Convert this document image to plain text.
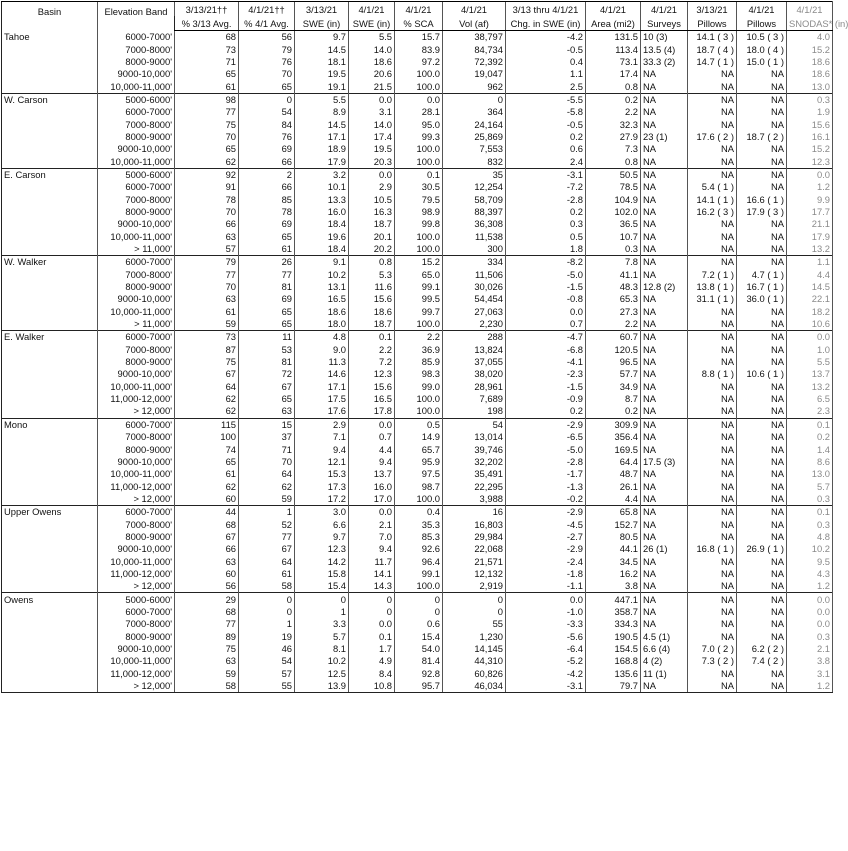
Basin	Elevation Band	3/13/21††	4/1/21††	3/13/21	4/1/21	4/1/21	4/1/21	3/13 thru 4/1/21	4/1/21	4/1/21	3/13/21	4/1/21	4/1/21
		% 3/13 Avg.	% 4/1 Avg.	SWE (in)	SWE (in)	% SCA	Vol (af)	Chg. in SWE (in)	Area (mi2)	Surveys	Pillows	Pillows	SNODAS* (in)
Tahoe	6000-7000'	68	56	9.7	5.5	15.7	38,797	-4.2	131.5	10 (3)	14.1 ( 3 )	10.5 ( 3 )	4.0
	7000-8000'	73	79	14.5	14.0	83.9	84,734	-0.5	113.4	13.5 (4)	18.7 ( 4 )	18.0 ( 4 )	15.2
	8000-9000'	71	76	18.1	18.6	97.2	72,392	0.4	73.1	33.3 (2)	14.7 ( 1 )	15.0 ( 1 )	18.6
	9000-10,000'	65	70	19.5	20.6	100.0	19,047	1.1	17.4	NA	NA	NA	18.6
	10,000-11,000'	61	65	19.1	21.5	100.0	962	2.5	0.8	NA	NA	NA	13.0
W. Carson	5000-6000'	98	0	5.5	0.0	0.0	0	-5.5	0.2	NA	NA	NA	0.3
	6000-7000'	77	54	8.9	3.1	28.1	364	-5.8	2.2	NA	NA	NA	1.9
	7000-8000'	75	84	14.5	14.0	95.0	24,164	-0.5	32.3	NA	NA	NA	15.6
	8000-9000'	70	76	17.1	17.4	99.3	25,869	0.2	27.9	23 (1)	17.6 ( 2 )	18.7 ( 2 )	16.1
	9000-10,000'	65	69	18.9	19.5	100.0	7,553	0.6	7.3	NA	NA	NA	15.2
	10,000-11,000'	62	66	17.9	20.3	100.0	832	2.4	0.8	NA	NA	NA	12.3
E. Carson	5000-6000'	92	2	3.2	0.0	0.1	35	-3.1	50.5	NA	NA	NA	0.0
	6000-7000'	91	66	10.1	2.9	30.5	12,254	-7.2	78.5	NA	5.4 ( 1 )	NA	1.2
	7000-8000'	78	85	13.3	10.5	79.5	58,709	-2.8	104.9	NA	14.1 ( 1 )	16.6 ( 1 )	9.9
	8000-9000'	70	78	16.0	16.3	98.9	88,397	0.2	102.0	NA	16.2 ( 3 )	17.9 ( 3 )	17.7
	9000-10,000'	66	69	18.4	18.7	99.8	36,308	0.3	36.5	NA	NA	NA	21.1
	10,000-11,000'	63	65	19.6	20.1	100.0	11,538	0.5	10.7	NA	NA	NA	17.9
	> 11,000'	57	61	18.4	20.2	100.0	300	1.8	0.3	NA	NA	NA	13.2
W. Walker	6000-7000'	79	26	9.1	0.8	15.2	334	-8.2	7.8	NA	NA	NA	1.1
	7000-8000'	77	77	10.2	5.3	65.0	11,506	-5.0	41.1	NA	7.2 ( 1 )	4.7 ( 1 )	4.4
	8000-9000'	70	81	13.1	11.6	99.1	30,026	-1.5	48.3	12.8 (2)	13.8 ( 1 )	16.7 ( 1 )	14.5
	9000-10,000'	63	69	16.5	15.6	99.5	54,454	-0.8	65.3	NA	31.1 ( 1 )	36.0 ( 1 )	22.1
	10,000-11,000'	61	65	18.6	18.6	99.7	27,063	0.0	27.3	NA	NA	NA	18.2
	> 11,000'	59	65	18.0	18.7	100.0	2,230	0.7	2.2	NA	NA	NA	10.6
E. Walker	6000-7000'	73	11	4.8	0.1	2.2	288	-4.7	60.7	NA	NA	NA	0.0
	7000-8000'	87	53	9.0	2.2	36.9	13,824	-6.8	120.5	NA	NA	NA	1.0
	8000-9000'	75	81	11.3	7.2	85.9	37,055	-4.1	96.5	NA	NA	NA	5.5
	9000-10,000'	67	72	14.6	12.3	98.3	38,020	-2.3	57.7	NA	8.8 ( 1 )	10.6 ( 1 )	13.7
	10,000-11,000'	64	67	17.1	15.6	99.0	28,961	-1.5	34.9	NA	NA	NA	13.2
	11,000-12,000'	62	65	17.5	16.5	100.0	7,689	-0.9	8.7	NA	NA	NA	6.5
	> 12,000'	62	63	17.6	17.8	100.0	198	0.2	0.2	NA	NA	NA	2.3
Mono	6000-7000'	115	15	2.9	0.0	0.5	54	-2.9	309.9	NA	NA	NA	0.1
	7000-8000'	100	37	7.1	0.7	14.9	13,014	-6.5	356.4	NA	NA	NA	0.2
	8000-9000'	74	71	9.4	4.4	65.7	39,746	-5.0	169.5	NA	NA	NA	1.4
	9000-10,000'	65	70	12.1	9.4	95.9	32,202	-2.8	64.4	17.5 (3)	NA	NA	8.6
	10,000-11,000'	61	64	15.3	13.7	97.5	35,491	-1.7	48.7	NA	NA	NA	13.0
	11,000-12,000'	62	62	17.3	16.0	98.7	22,295	-1.3	26.1	NA	NA	NA	5.7
	> 12,000'	60	59	17.2	17.0	100.0	3,988	-0.2	4.4	NA	NA	NA	0.3
Upper Owens	6000-7000'	44	1	3.0	0.0	0.4	16	-2.9	65.8	NA	NA	NA	0.1
	7000-8000'	68	52	6.6	2.1	35.3	16,803	-4.5	152.7	NA	NA	NA	0.3
	8000-9000'	67	77	9.7	7.0	85.3	29,984	-2.7	80.5	NA	NA	NA	4.8
	9000-10,000'	66	67	12.3	9.4	92.6	22,068	-2.9	44.1	26 (1)	16.8 ( 1 )	26.9 ( 1 )	10.2
	10,000-11,000'	63	64	14.2	11.7	96.4	21,571	-2.4	34.5	NA	NA	NA	9.5
	11,000-12,000'	60	61	15.8	14.1	99.1	12,132	-1.8	16.2	NA	NA	NA	4.3
	> 12,000'	56	58	15.4	14.3	100.0	2,919	-1.1	3.8	NA	NA	NA	1.2
Owens	5000-6000'	29	0	0	0	0	0	0.0	447.1	NA	NA	NA	0.0
	6000-7000'	68	0	1	0	0	0	-1.0	358.7	NA	NA	NA	0.0
	7000-8000'	77	1	3.3	0.0	0.6	55	-3.3	334.3	NA	NA	NA	0.0
	8000-9000'	89	19	5.7	0.1	15.4	1,230	-5.6	190.5	4.5 (1)	NA	NA	0.3
	9000-10,000'	75	46	8.1	1.7	54.0	14,145	-6.4	154.5	6.6 (4)	7.0 ( 2 )	6.2 ( 2 )	2.1
	10,000-11,000'	63	54	10.2	4.9	81.4	44,310	-5.2	168.8	4 (2)	7.3 ( 2 )	7.4 ( 2 )	3.8
	11,000-12,000'	59	57	12.5	8.4	92.8	60,826	-4.2	135.6	11 (1)	NA	NA	3.1
	> 12,000'	58	55	13.9	10.8	95.7	46,034	-3.1	79.7	NA	NA	NA	1.2
